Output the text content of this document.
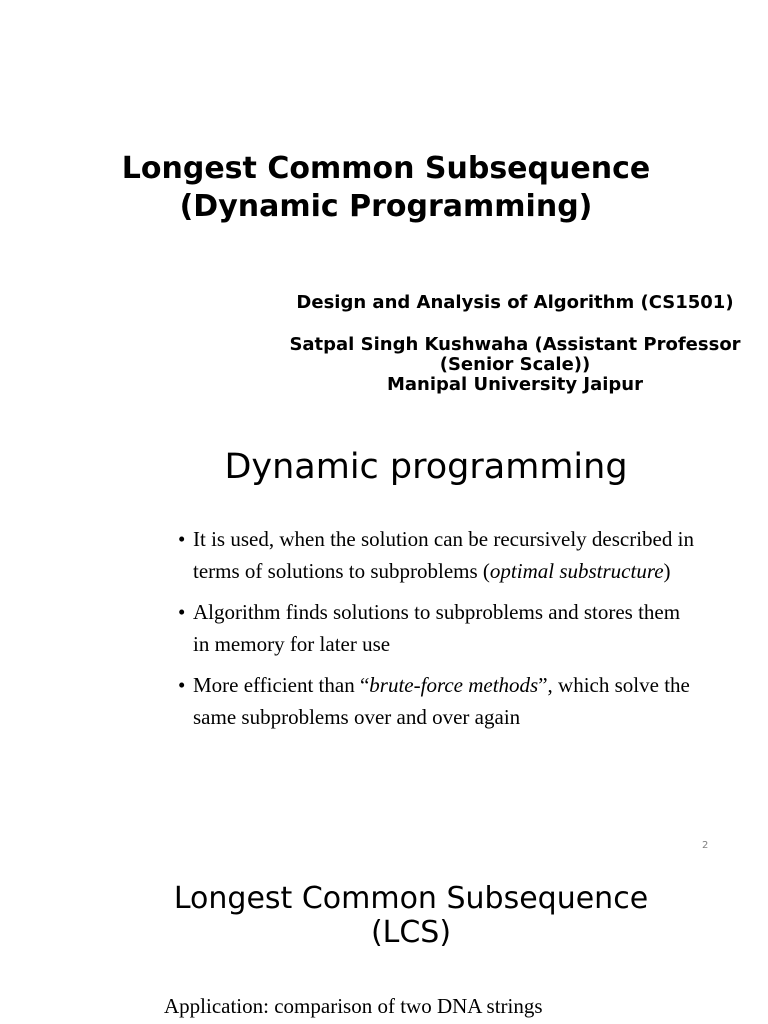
Longest Common Subsequence
(Dynamic Programming)
Design and Analysis of Algorithm (CS1501)
Satpal Singh Kushwaha (Assistant Professor
(Senior Scale))
Manipal University Jaipur
Dynamic programming
• It is used, when the solution can be recursively described in terms of solutions to subproblems (optimal substructure)
• Algorithm finds solutions to subproblems and stores them in memory for later use
• More efficient than “brute-force methods”, which solve the same subproblems over and over again
2
Longest Common Subsequence
(LCS)
Application: comparison of two DNA strings
